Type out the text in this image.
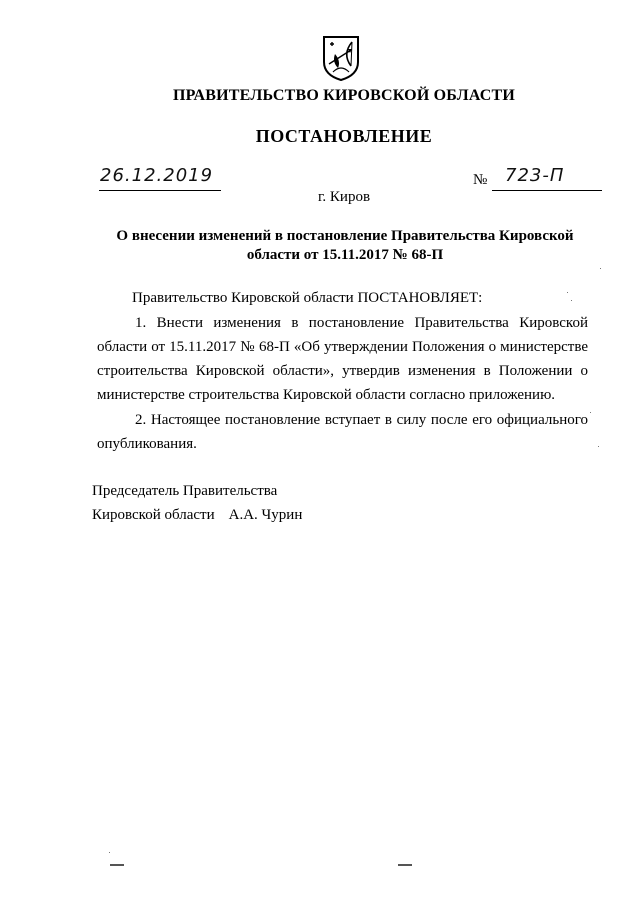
ПРАВИТЕЛЬСТВО КИРОВСКОЙ ОБЛАСТИ
ПОСТАНОВЛЕНИЕ
26.12.2019	№ 723-П
г. Киров
О внесении изменений в постановление Правительства Кировской области от 15.11.2017 № 68-П
Правительство Кировской области ПОСТАНОВЛЯЕТ:
1. Внести изменения в постановление Правительства Кировской области от 15.11.2017 № 68-П «Об утверждении Положения о министерстве строительства Кировской области», утвердив изменения в Положении о министерстве строительства Кировской области согласно приложению.
2. Настоящее постановление вступает в силу после его официального опубликования.
Председатель Правительства
Кировской области А.А. Чурин
